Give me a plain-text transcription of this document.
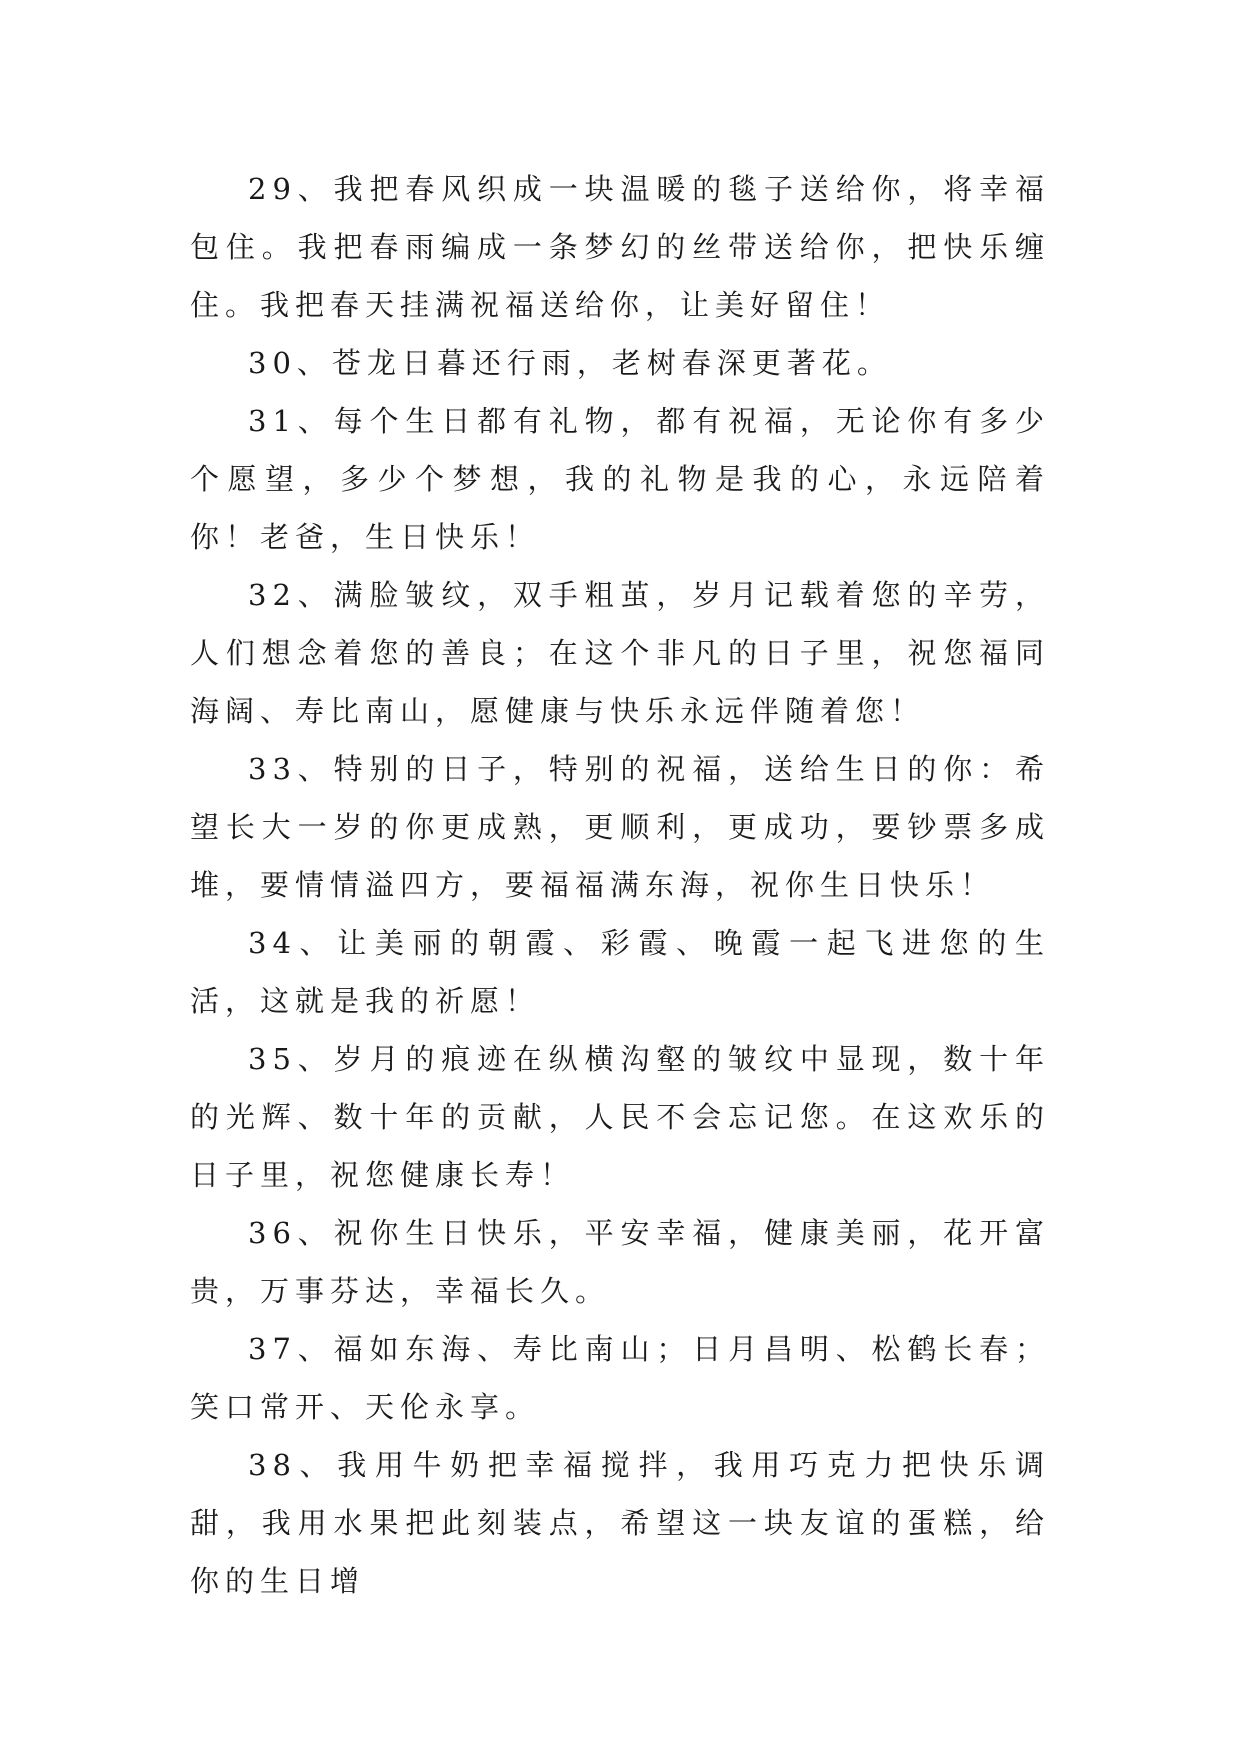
29、我把春风织成一块温暖的毯子送给你，将幸福包住。我把春雨编成一条梦幻的丝带送给你，把快乐缠住。我把春天挂满祝福送给你，让美好留住！

30、苍龙日暮还行雨，老树春深更著花。

31、每个生日都有礼物，都有祝福，无论你有多少个愿望，多少个梦想，我的礼物是我的心，永远陪着你！老爸，生日快乐！

32、满脸皱纹，双手粗茧，岁月记载着您的辛劳，人们想念着您的善良；在这个非凡的日子里，祝您福同海阔、寿比南山，愿健康与快乐永远伴随着您！

33、特别的日子，特别的祝福，送给生日的你：希望长大一岁的你更成熟，更顺利，更成功，要钞票多成堆，要情情溢四方，要福福满东海，祝你生日快乐！

34、让美丽的朝霞、彩霞、晚霞一起飞进您的生活，这就是我的祈愿！

35、岁月的痕迹在纵横沟壑的皱纹中显现，数十年的光辉、数十年的贡献，人民不会忘记您。在这欢乐的日子里，祝您健康长寿！

36、祝你生日快乐，平安幸福，健康美丽，花开富贵，万事芬达，幸福长久。

37、福如东海、寿比南山；日月昌明、松鹤长春；笑口常开、天伦永享。

38、我用牛奶把幸福搅拌，我用巧克力把快乐调甜，我用水果把此刻装点，希望这一块友谊的蛋糕，给你的生日增
